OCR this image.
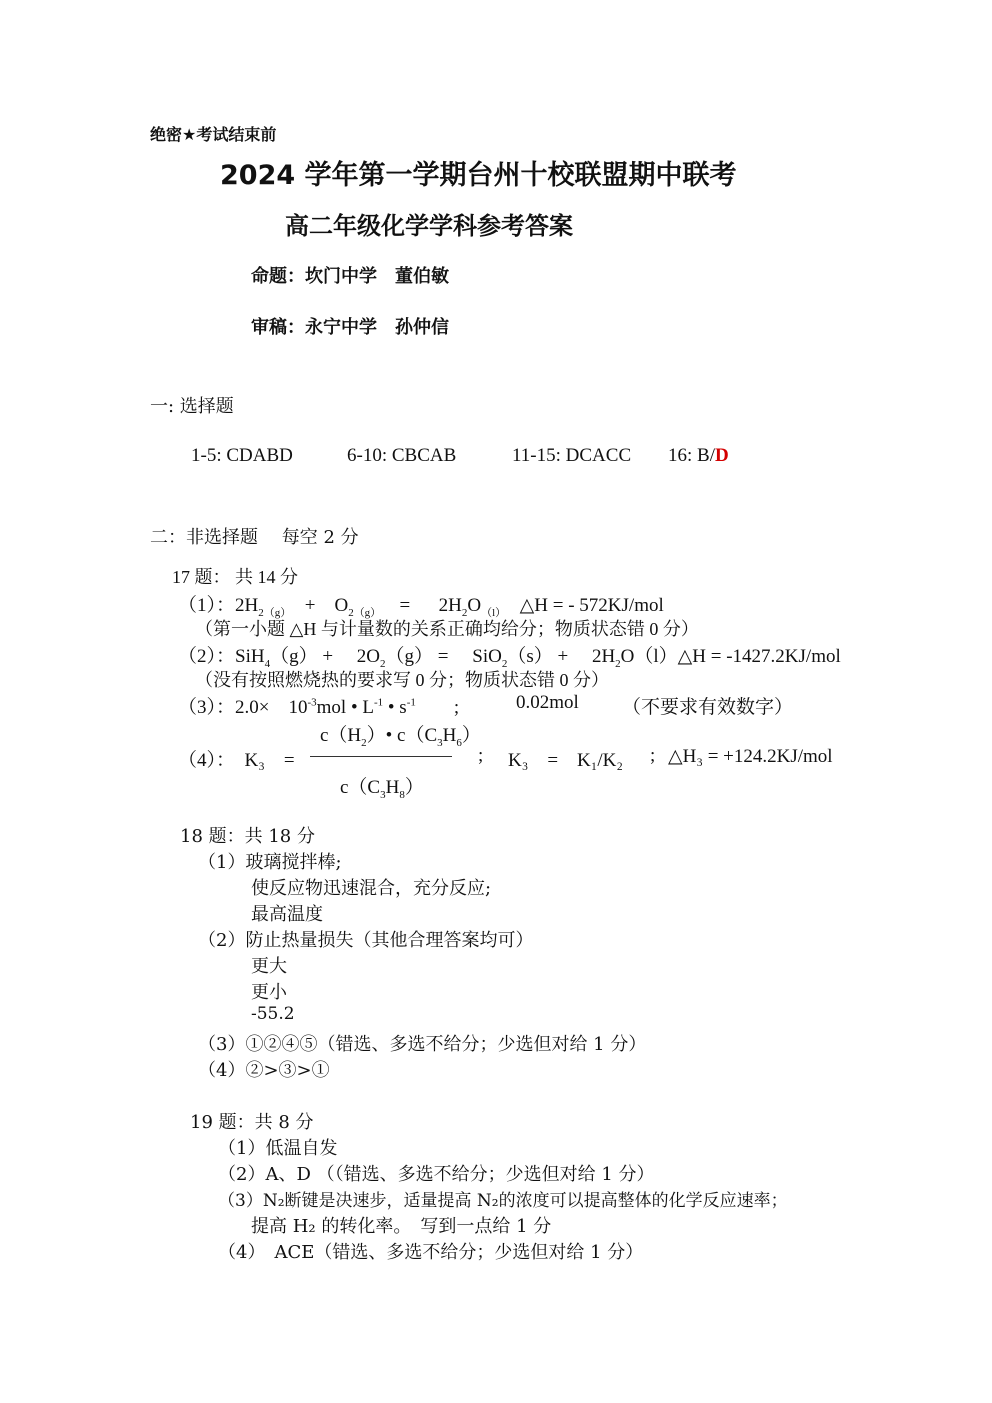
绝密★考试结束前
2024 学年第一学期台州十校联盟期中联考
高二年级化学学科参考答案
命题：坎门中学　董伯敏
审稿：永宁中学　孙仲信
一: 选择题
1-5: CDABD	6-10: CBCAB	11-15: DCACC 16: B/D
二：非选择题　 每空 2 分
17 题： 共 14 分
（1）：$2H_{2(g)}$　+　$O_{2(g)}$　 = 　 $2H_2O_{(l)}$　△H = - 572KJ/mol
（第一小题 △H 与计量数的关系正确均给分；物质状态错 0 分）
（2）：SiH$_4$（g） + 　$2O_2(g)$ = 　SiO$_2$（s） + 　$2H_2O(l)\triangle H = -1427.2KJ/mol$
（没有按照燃烧热的要求写 0 分；物质状态错 0 分）
（3）：2.0×　$10^{-3}mol$ • $L^{-1}$ • $s^{-1}$　　;	0.02mol （不要求有效数字）
$c(H_2)•$ $c(C_3H_6)$
（4）：　 K₃　=	; K₃　=　K₁/K₂ ; △H₃ = +124.2KJ/mol
$c(C_3H_8)$
18 题：共 18 分
（1）玻璃搅拌棒;
使反应物迅速混合，充分反应;
最高温度
（2）防止热量损失（其他合理答案均可）
更大
更小
-55.2
（3）①②④⑤（错选、多选不给分；少选但对给 1 分）
（4）②>③>①
19 题：共 8 分
（1）低温自发
（2）A、D （（错选、多选不给分；少选但对给 1 分）
（3）N₂断键是决速步，适量提高 N₂的浓度可以提高整体的化学反应速率；
提高 H₂ 的转化率。　写到一点给 1 分
（4）　ACE（错选、多选不给分；少选但对给 1 分）
